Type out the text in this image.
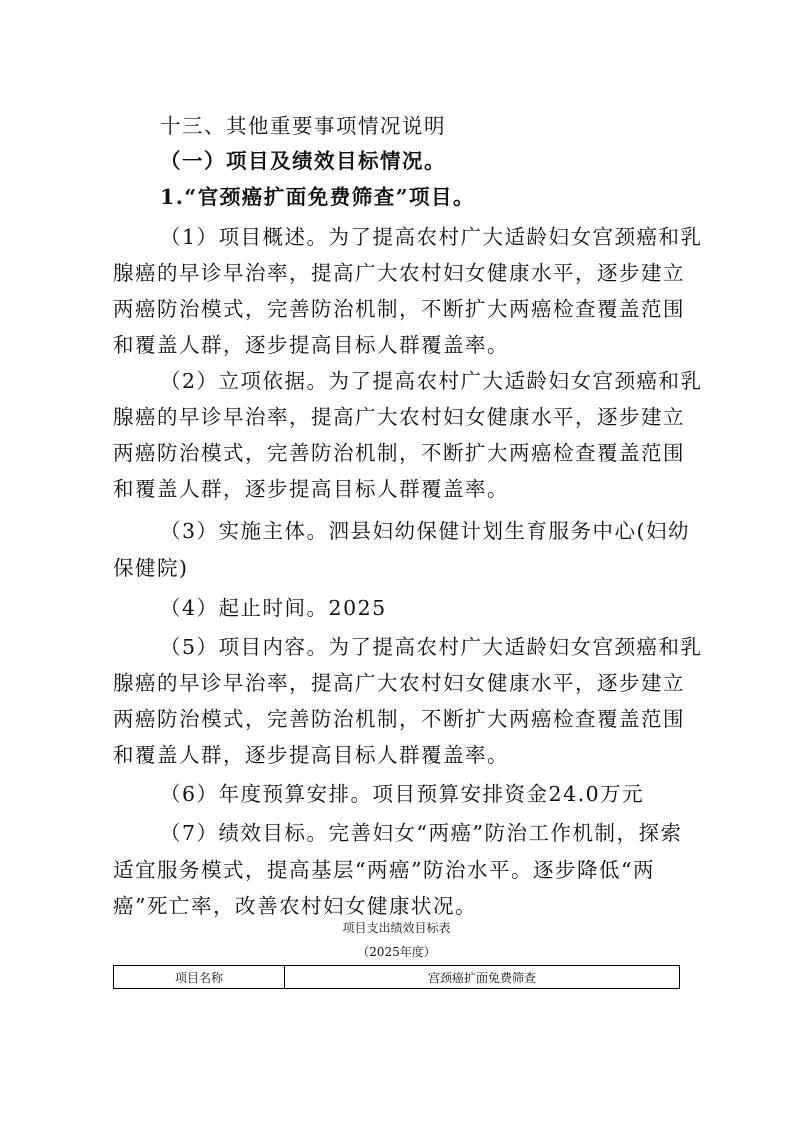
十三、其他重要事项情况说明
（一）项目及绩效目标情况。
1.“官颈癌扩面免费筛查”项目。
（1）项目概述。为了提高农村广大适龄妇女宫颈癌和乳
腺癌的早诊早治率，提高广大农村妇女健康水平，逐步建立
两癌防治模式，完善防治机制，不断扩大两癌检查覆盖范围
和覆盖人群，逐步提高目标人群覆盖率。
（2）立项依据。为了提高农村广大适龄妇女宫颈癌和乳
腺癌的早诊早治率，提高广大农村妇女健康水平，逐步建立
两癌防治模式，完善防治机制，不断扩大两癌检查覆盖范围
和覆盖人群，逐步提高目标人群覆盖率。
（3）实施主体。泗县妇幼保健计划生育服务中心(妇幼
保健院)
（4）起止时间。2025
（5）项目内容。为了提高农村广大适龄妇女宫颈癌和乳
腺癌的早诊早治率，提高广大农村妇女健康水平，逐步建立
两癌防治模式，完善防治机制，不断扩大两癌检查覆盖范围
和覆盖人群，逐步提高目标人群覆盖率。
（6）年度预算安排。项目预算安排资金24.0万元
（7）绩效目标。完善妇女“两癌”防治工作机制，探索
适宜服务模式，提高基层“两癌”防治水平。逐步降低“两
癌”死亡率，改善农村妇女健康状况。
项目支出绩效目标表
（2025年度）
项目名称	宫颈癌扩面免费筛查
